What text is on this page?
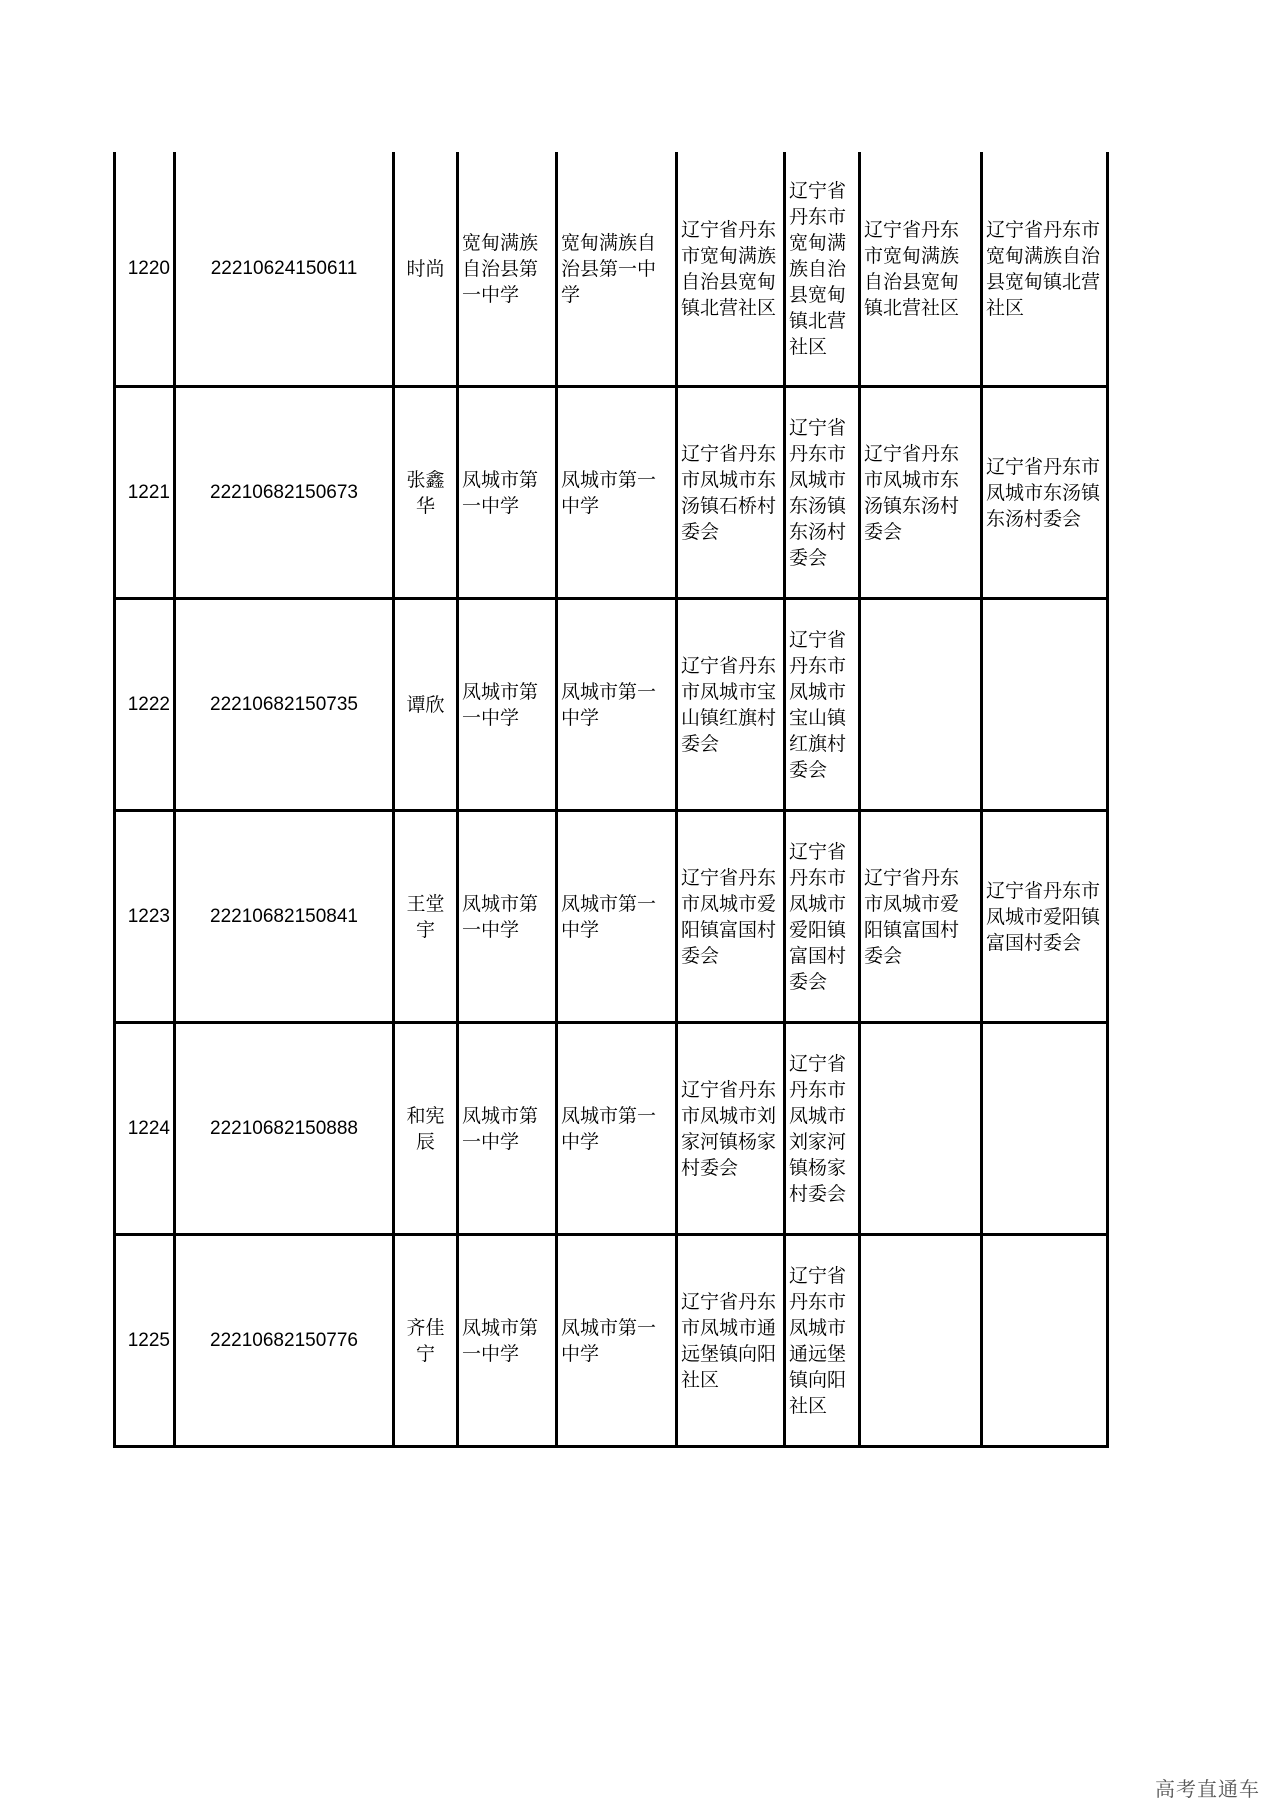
1220	22210624150611	时尚	宽甸满族自治县第一中学	宽甸满族自治县第一中学	辽宁省丹东市宽甸满族自治县宽甸镇北营社区	辽宁省丹东市宽甸满族自治县宽甸镇北营社区	辽宁省丹东市宽甸满族自治县宽甸镇北营社区	辽宁省丹东市宽甸满族自治县宽甸镇北营社区
1221	22210682150673	张鑫华	凤城市第一中学	凤城市第一中学	辽宁省丹东市凤城市东汤镇石桥村委会	辽宁省丹东市凤城市东汤镇东汤村委会	辽宁省丹东市凤城市东汤镇东汤村委会	辽宁省丹东市凤城市东汤镇东汤村委会
1222	22210682150735	谭欣	凤城市第一中学	凤城市第一中学	辽宁省丹东市凤城市宝山镇红旗村委会	辽宁省丹东市凤城市宝山镇红旗村委会		
1223	22210682150841	王堂宇	凤城市第一中学	凤城市第一中学	辽宁省丹东市凤城市爱阳镇富国村委会	辽宁省丹东市凤城市爱阳镇富国村委会	辽宁省丹东市凤城市爱阳镇富国村委会	辽宁省丹东市凤城市爱阳镇富国村委会
1224	22210682150888	和宪辰	凤城市第一中学	凤城市第一中学	辽宁省丹东市凤城市刘家河镇杨家村委会	辽宁省丹东市凤城市刘家河镇杨家村委会		
1225	22210682150776	齐佳宁	凤城市第一中学	凤城市第一中学	辽宁省丹东市凤城市通远堡镇向阳社区	辽宁省丹东市凤城市通远堡镇向阳社区		
高考直通车
